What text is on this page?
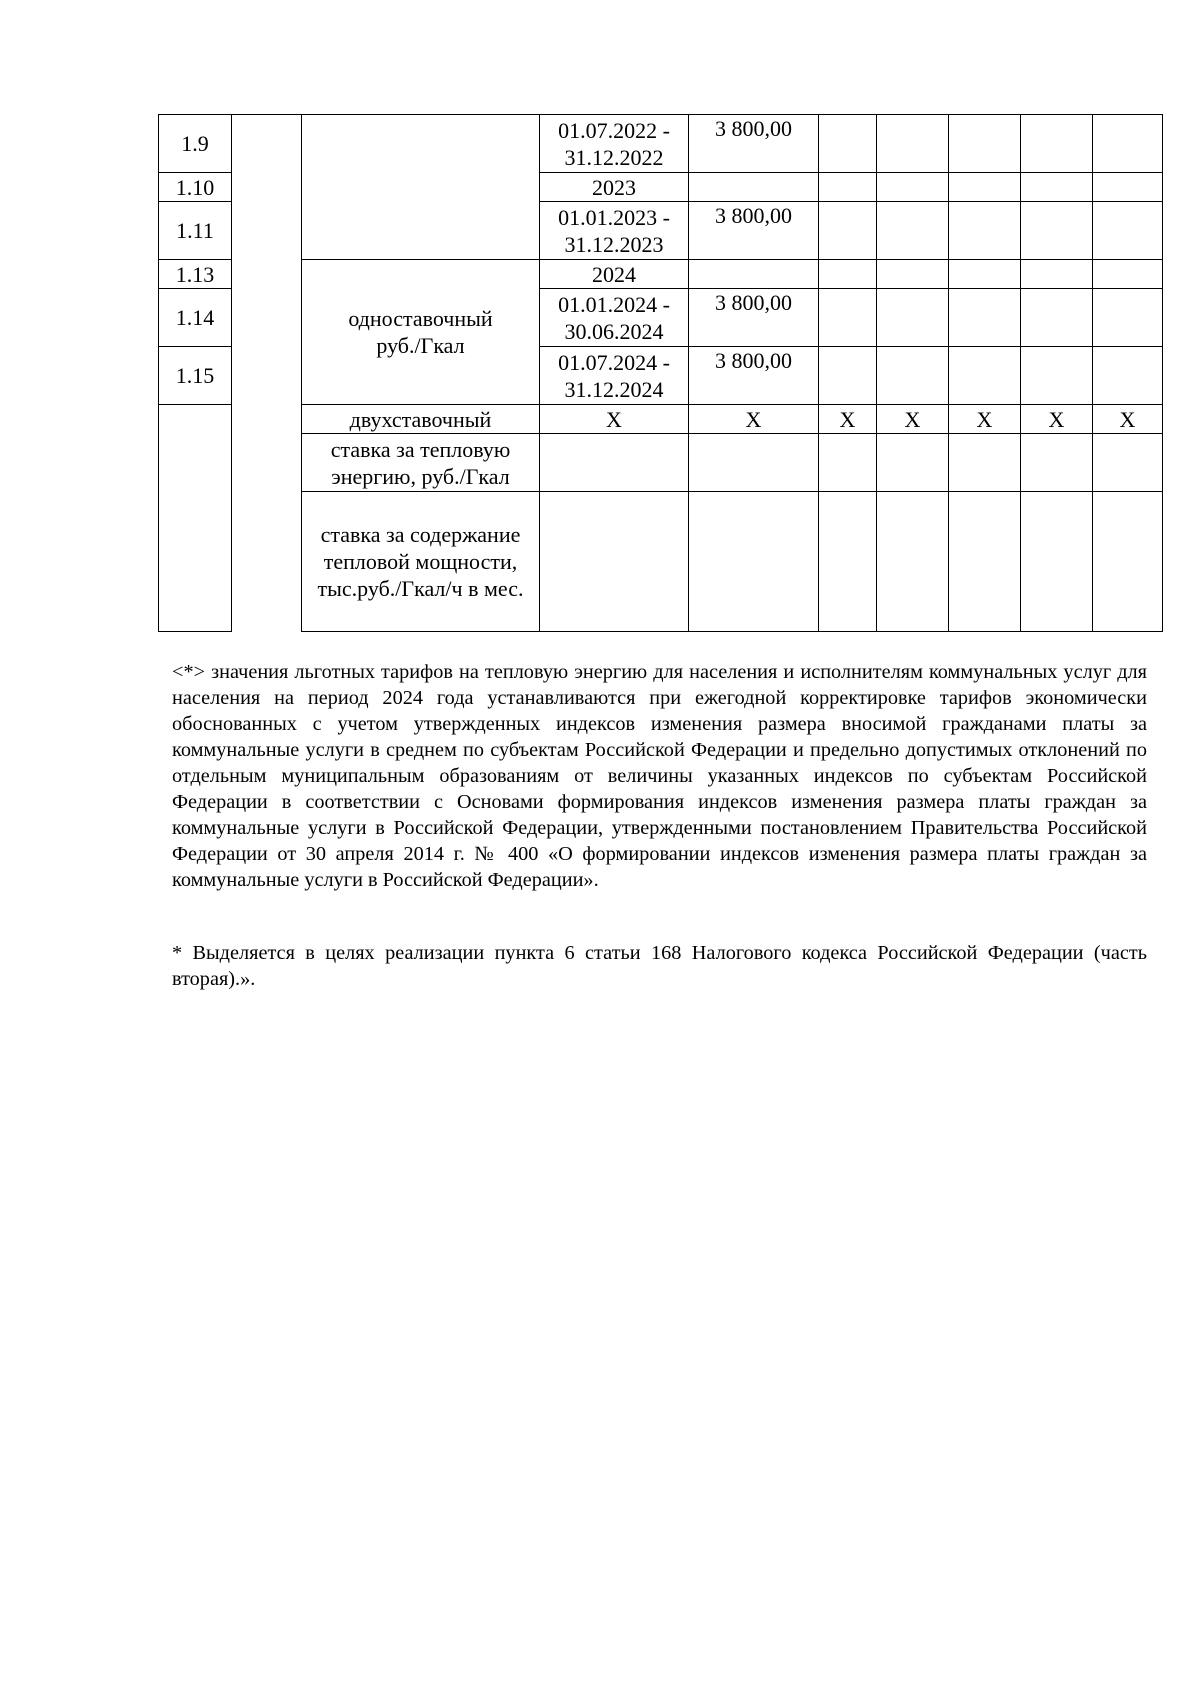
1.9			01.07.2022 - 31.12.2022	3 800,00					
1.10			2023						
1.11			01.01.2023 - 31.12.2023	3 800,00					
1.13		одноставочный руб./Гкал	2024						
1.14			01.01.2024 - 30.06.2024	3 800,00					
1.15			01.07.2024 - 31.12.2024	3 800,00					
		двухставочный	X	X	X	X	X	X	X
		ставка за тепловую энергию, руб./Гкал							
		ставка за содержание тепловой мощности, тыс.руб./Гкал/ч в мес.							

<*> значения льготных тарифов на тепловую энергию для населения и исполнителям коммунальных услуг для населения на период 2024 года устанавливаются при ежегодной корректировке тарифов экономически обоснованных с учетом утвержденных индексов изменения размера вносимой гражданами платы за коммунальные услуги в среднем по субъектам Российской Федерации и предельно допустимых отклонений по отдельным муниципальным образованиям от величины указанных индексов по субъектам Российской Федерации в соответствии с Основами формирования индексов изменения размера платы граждан за коммунальные услуги в Российской Федерации, утвержденными постановлением Правительства Российской Федерации от 30 апреля 2014 г. № 400 «О формировании индексов изменения размера платы граждан за коммунальные услуги в Российской Федерации».

* Выделяется в целях реализации пункта 6 статьи 168 Налогового кодекса Российской Федерации (часть вторая).».
